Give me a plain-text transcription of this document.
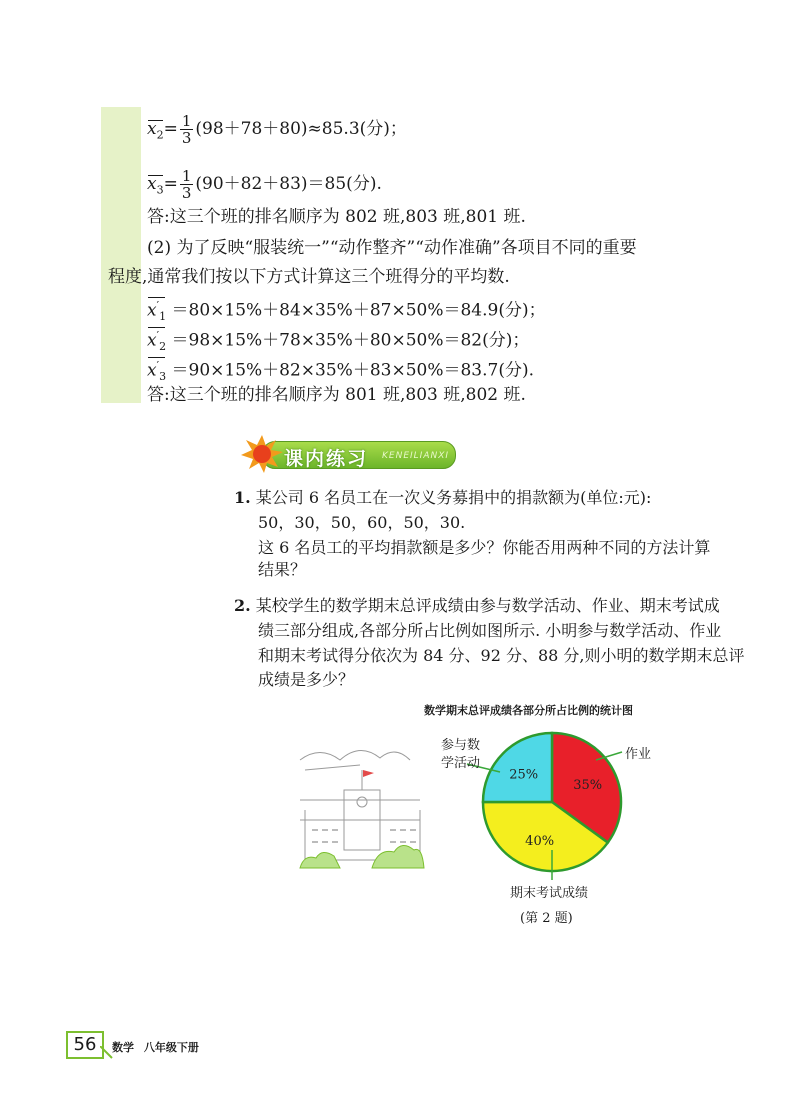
$x_2= \frac{1}{3} (98+78+80)\approx 85.3$(分)；
$x_3= \frac{1}{3} (90+82+83)=85$(分).
答:这三个班的排名顺序为 802 班,803 班,801 班.
(2) 为了反映“服装统一”“动作整齐”“动作准确”各项目不同的重要
程度,通常我们按以下方式计算这三个班得分的平均数.
$x'_1 =80\times 15\%+84\times 35\%+87\times 50\%=84.9$(分)；
$x'_2 =98\times 15\%+78\times 35\%+80\times 50\%=82$(分)；
$x'_3 =90\times 15\%+82\times 35\%+83\times 50\%=83.7$(分).
答:这三个班的排名顺序为 801 班,803 班,802 班.
课内练习 KENEILIANXI
1. 某公司 6 名员工在一次义务募捐中的捐款额为(单位:元):
50，30，50，60，50，30.
这 6 名员工的平均捐款额是多少？你能否用两种不同的方法计算
结果？
2. 某校学生的数学期末总评成绩由参与数学活动、作业、期末考试成
绩三部分组成,各部分所占比例如图所示. 小明参与数学活动、作业
和期末考试得分依次为 84 分、92 分、88 分,则小明的数学期末总评
成绩是多少？
数学期末总评成绩各部分所占比例的统计图
35%
40%
25%
参与数
学活动
作业
期末考试成绩
(第 2 题)
56	数学 八年级下册
